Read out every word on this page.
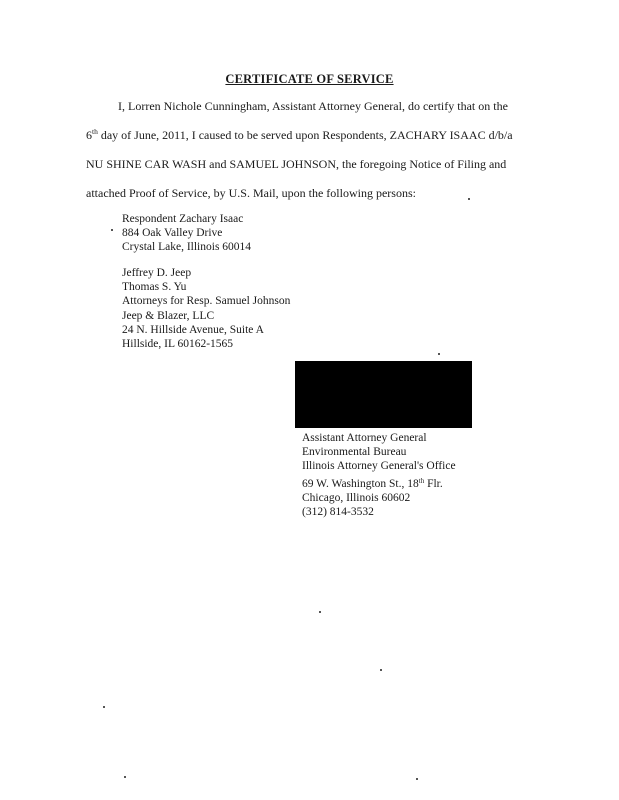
CERTIFICATE OF SERVICE
I, Lorren Nichole Cunningham, Assistant Attorney General, do certify that on the
6th day of June, 2011, I caused to be served upon Respondents, ZACHARY ISAAC d/b/a
NU SHINE CAR WASH and SAMUEL JOHNSON, the foregoing Notice of Filing and
attached Proof of Service, by U.S. Mail, upon the following persons:
Respondent Zachary Isaac
884 Oak Valley Drive
Crystal Lake, Illinois 60014
Jeffrey D. Jeep
Thomas S. Yu
Attorneys for Resp. Samuel Johnson
Jeep & Blazer, LLC
24 N. Hillside Avenue, Suite A
Hillside, IL 60162-1565
Assistant Attorney General
Environmental Bureau
Illinois Attorney General's Office
69 W. Washington St., 18th Flr.
Chicago, Illinois 60602
(312) 814-3532
